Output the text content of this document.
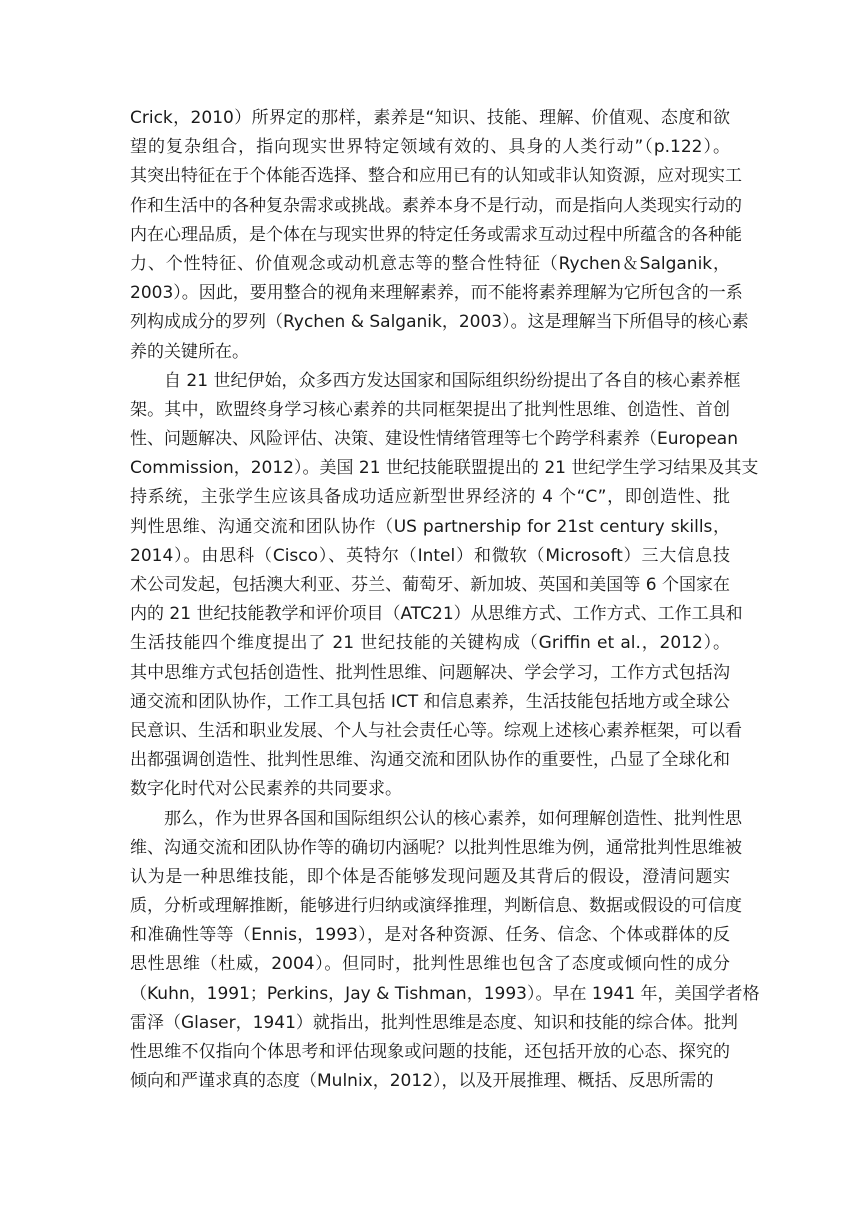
Crick，2010）所界定的那样，素养是“知识、技能、理解、价值观、态度和欲
望的复杂组合，指向现实世界特定领域有效的、具身的人类行动”（p.122）。
其突出特征在于个体能否选择、整合和应用已有的认知或非认知资源，应对现实工
作和生活中的各种复杂需求或挑战。素养本身不是行动，而是指向人类现实行动的
内在心理品质，是个体在与现实世界的特定任务或需求互动过程中所蕴含的各种能
力、个性特征、价值观念或动机意志等的整合性特征（Rychen＆Salganik，
2003）。因此，要用整合的视角来理解素养，而不能将素养理解为它所包含的一系
列构成成分的罗列（Rychen & Salganik，2003）。这是理解当下所倡导的核心素
养的关键所在。

自 21 世纪伊始，众多西方发达国家和国际组织纷纷提出了各自的核心素养框
架。其中，欧盟终身学习核心素养的共同框架提出了批判性思维、创造性、首创
性、问题解决、风险评估、决策、建设性情绪管理等七个跨学科素养（European
Commission，2012）。美国 21 世纪技能联盟提出的 21 世纪学生学习结果及其支
持系统，主张学生应该具备成功适应新型世界经济的 4 个“C”，即创造性、批
判性思维、沟通交流和团队协作（US partnership for 21st century skills，
2014）。由思科（Cisco）、英特尔（Intel）和微软（Microsoft）三大信息技
术公司发起，包括澳大利亚、芬兰、葡萄牙、新加坡、英国和美国等 6 个国家在
内的 21 世纪技能教学和评价项目（ATC21）从思维方式、工作方式、工作工具和
生活技能四个维度提出了 21 世纪技能的关键构成（Griffin et al.，2012）。
其中思维方式包括创造性、批判性思维、问题解决、学会学习，工作方式包括沟
通交流和团队协作，工作工具包括 ICT 和信息素养，生活技能包括地方或全球公
民意识、生活和职业发展、个人与社会责任心等。综观上述核心素养框架，可以看
出都强调创造性、批判性思维、沟通交流和团队协作的重要性，凸显了全球化和
数字化时代对公民素养的共同要求。

那么，作为世界各国和国际组织公认的核心素养，如何理解创造性、批判性思
维、沟通交流和团队协作等的确切内涵呢？以批判性思维为例，通常批判性思维被
认为是一种思维技能，即个体是否能够发现问题及其背后的假设，澄清问题实
质，分析或理解推断，能够进行归纳或演绎推理，判断信息、数据或假设的可信度
和准确性等等（Ennis，1993），是对各种资源、任务、信念、个体或群体的反
思性思维（杜威，2004）。但同时，批判性思维也包含了态度或倾向性的成分
（Kuhn，1991；Perkins，Jay & Tishman，1993）。早在 1941 年，美国学者格
雷泽（Glaser，1941）就指出，批判性思维是态度、知识和技能的综合体。批判
性思维不仅指向个体思考和评估现象或问题的技能，还包括开放的心态、探究的
倾向和严谨求真的态度（Mulnix，2012），以及开展推理、概括、反思所需的
